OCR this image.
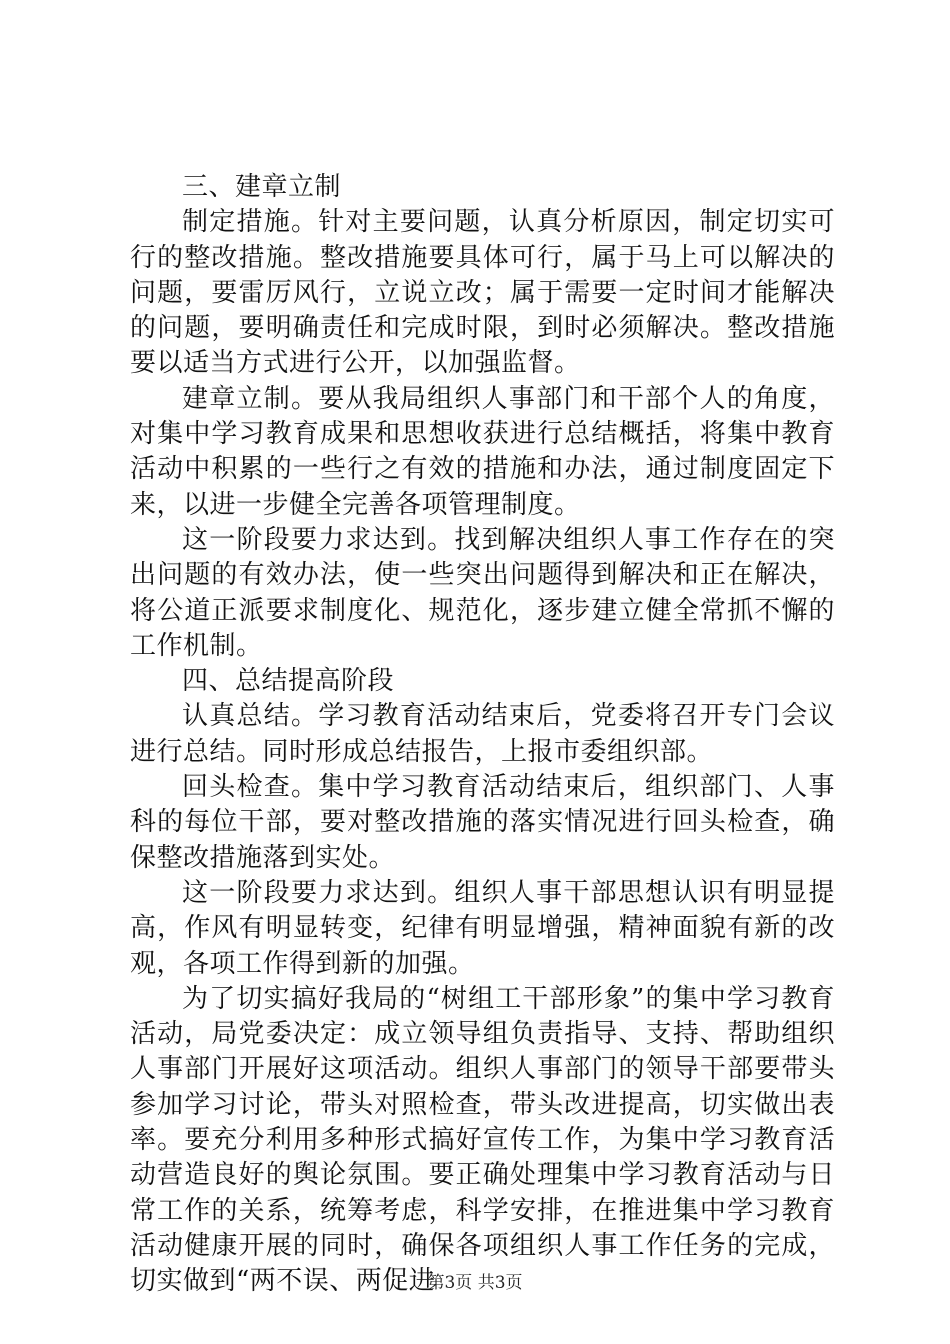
三、建章立制

制定措施。针对主要问题，认真分析原因，制定切实可行的整改措施。整改措施要具体可行，属于马上可以解决的问题，要雷厉风行，立说立改；属于需要一定时间才能解决的问题，要明确责任和完成时限，到时必须解决。整改措施要以适当方式进行公开，以加强监督。

建章立制。要从我局组织人事部门和干部个人的角度，对集中学习教育成果和思想收获进行总结概括，将集中教育活动中积累的一些行之有效的措施和办法，通过制度固定下来，以进一步健全完善各项管理制度。

这一阶段要力求达到。找到解决组织人事工作存在的突出问题的有效办法，使一些突出问题得到解决和正在解决，将公道正派要求制度化、规范化，逐步建立健全常抓不懈的工作机制。

四、总结提高阶段

认真总结。学习教育活动结束后，党委将召开专门会议进行总结。同时形成总结报告，上报市委组织部。

回头检查。集中学习教育活动结束后，组织部门、人事科的每位干部，要对整改措施的落实情况进行回头检查，确保整改措施落到实处。

这一阶段要力求达到。组织人事干部思想认识有明显提高，作风有明显转变，纪律有明显增强，精神面貌有新的改观，各项工作得到新的加强。

为了切实搞好我局的“树组工干部形象”的集中学习教育活动，局党委决定：成立领导组负责指导、支持、帮助组织人事部门开展好这项活动。组织人事部门的领导干部要带头参加学习讨论，带头对照检查，带头改进提高，切实做出表率。要充分利用多种形式搞好宣传工作，为集中学习教育活动营造良好的舆论氛围。要正确处理集中学习教育活动与日常工作的关系，统筹考虑，科学安排，在推进集中学习教育活动健康开展的同时，确保各项组织人事工作任务的完成，切实做到“两不误、两促进

第3页 共3页
